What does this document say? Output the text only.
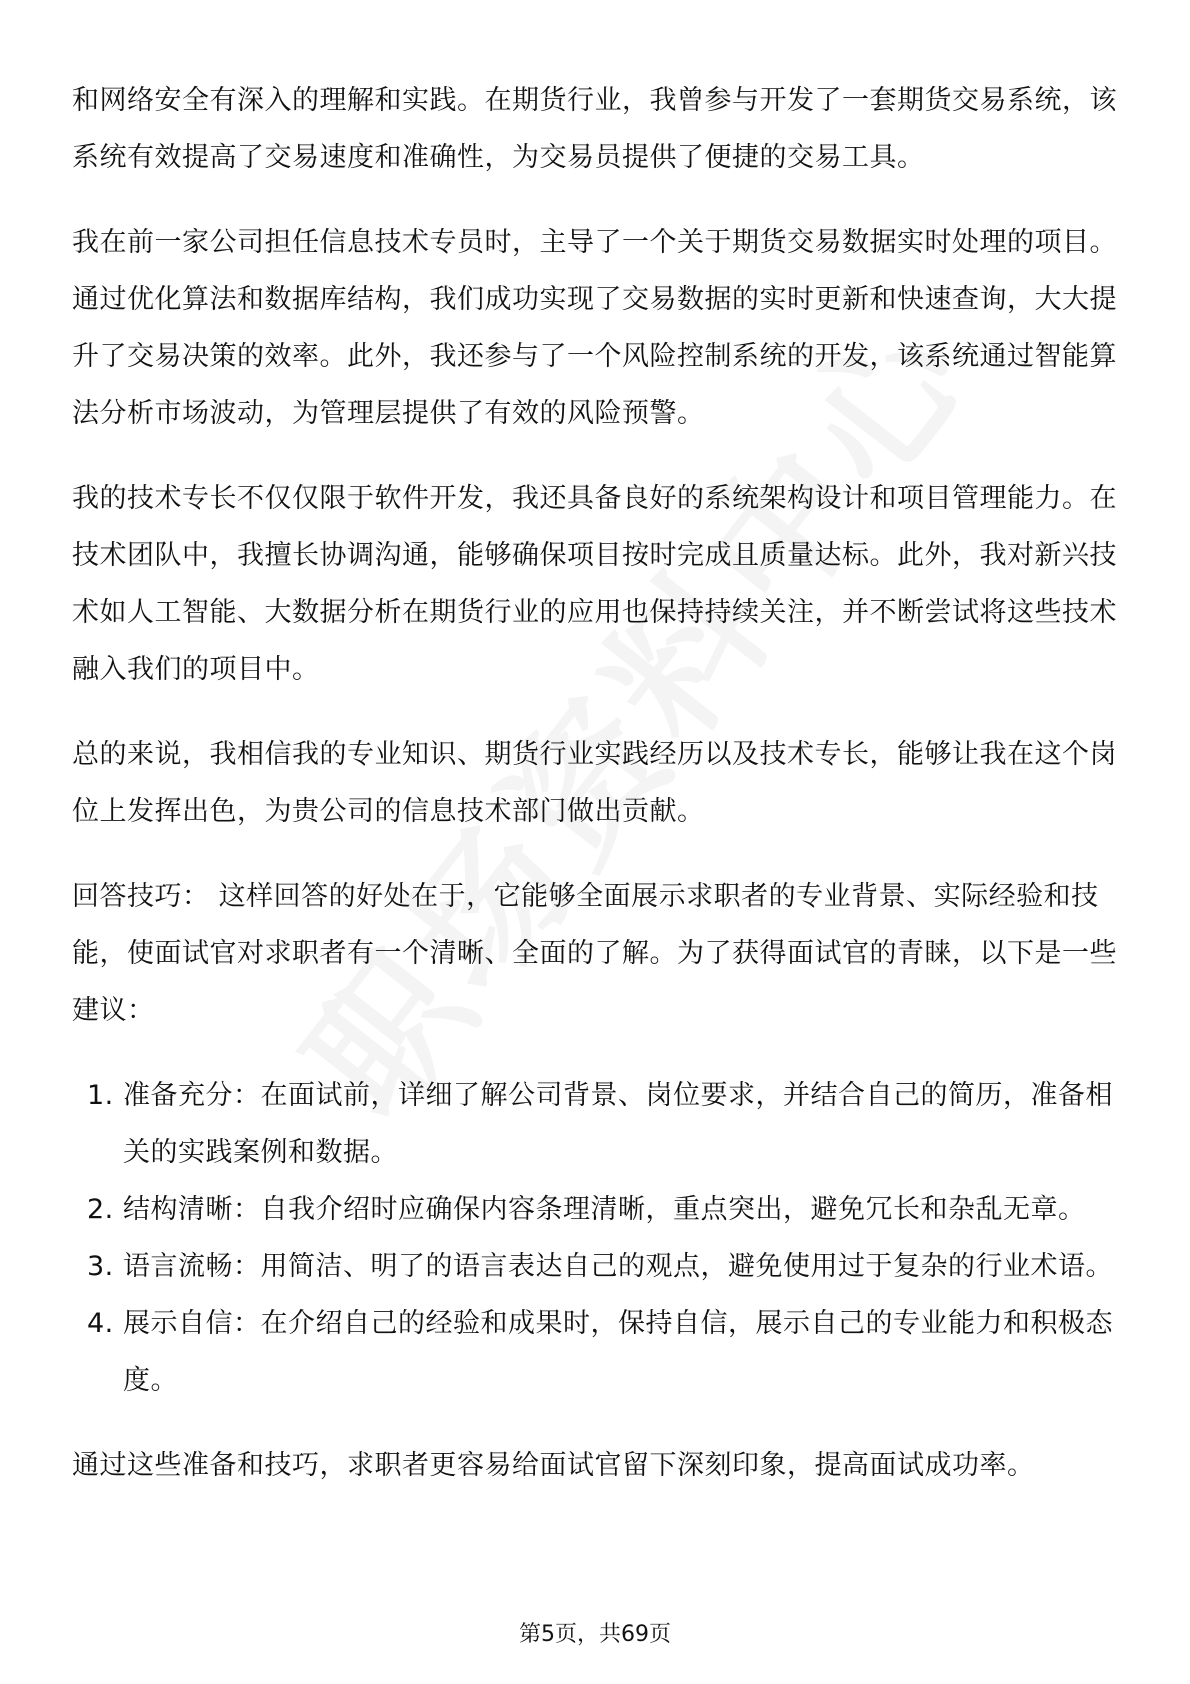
和网络安全有深入的理解和实践。在期货行业，我曾参与开发了一套期货交易系统，该系统有效提高了交易速度和准确性，为交易员提供了便捷的交易工具。

我在前一家公司担任信息技术专员时，主导了一个关于期货交易数据实时处理的项目。通过优化算法和数据库结构，我们成功实现了交易数据的实时更新和快速查询，大大提升了交易决策的效率。此外，我还参与了一个风险控制系统的开发，该系统通过智能算法分析市场波动，为管理层提供了有效的风险预警。

我的技术专长不仅仅限于软件开发，我还具备良好的系统架构设计和项目管理能力。在技术团队中，我擅长协调沟通，能够确保项目按时完成且质量达标。此外，我对新兴技术如人工智能、大数据分析在期货行业的应用也保持持续关注，并不断尝试将这些技术融入我们的项目中。

总的来说，我相信我的专业知识、期货行业实践经历以及技术专长，能够让我在这个岗位上发挥出色，为贵公司的信息技术部门做出贡献。

回答技巧： 这样回答的好处在于，它能够全面展示求职者的专业背景、实际经验和技能，使面试官对求职者有一个清晰、全面的了解。为了获得面试官的青睐，以下是一些建议：

1. 准备充分：在面试前，详细了解公司背景、岗位要求，并结合自己的简历，准备相关的实践案例和数据。
2. 结构清晰：自我介绍时应确保内容条理清晰，重点突出，避免冗长和杂乱无章。
3. 语言流畅：用简洁、明了的语言表达自己的观点，避免使用过于复杂的行业术语。
4. 展示自信：在介绍自己的经验和成果时，保持自信，展示自己的专业能力和积极态度。

通过这些准备和技巧，求职者更容易给面试官留下深刻印象，提高面试成功率。

第5页，共69页
